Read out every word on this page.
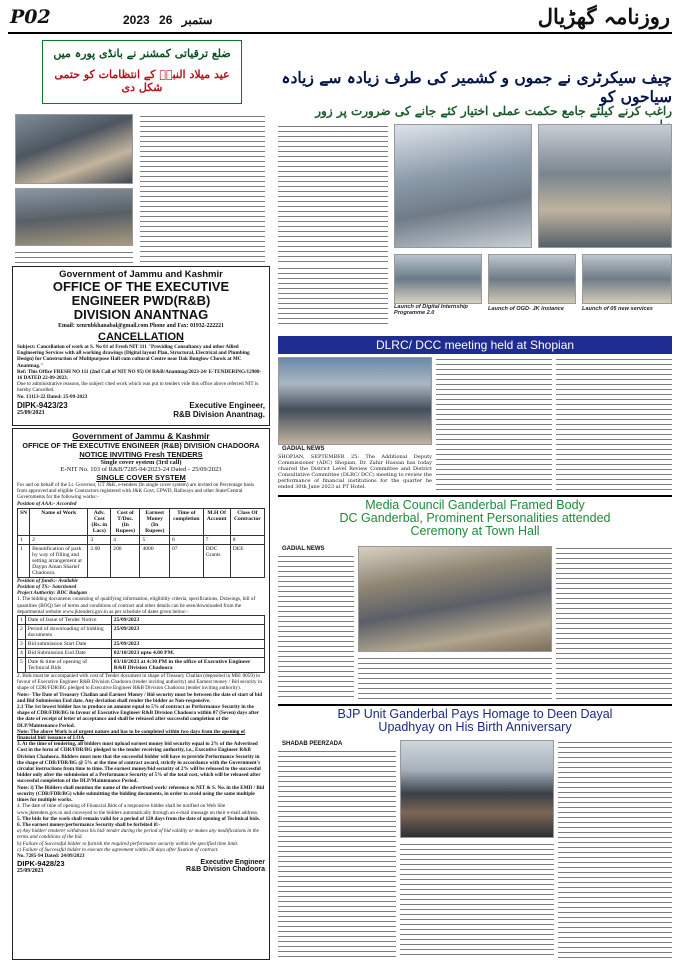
P02	2023	ستمبر 26	روزنامہ گھڑیال
ضلع ترقیاتی کمشنر نے بانڈی پورہ میں
عید میلاد النبیؐ کے انتظامات کو حتمی شکل دی
چیف سیکرٹری نے جموں و کشمیر کی طرف زیادہ سے زیادہ سیاحوں کو
راغب کرنے کیلئے جامع حکمت عملی اختیار کئے جانے کی ضرورت پر زور
Launch of Digital Internship Programme 2.0
Launch of OGD- JK instance	Launch of 05 new services
Government of Jammu and Kashmir
OFFICE OF THE EXECUTIVE
ENGINEER PWD(R&B)
DIVISION ANANTNAG
Email: xenrnbkhanabal@gmail.com Phone and Fax: 01932-222221
CANCELLATION
Subject: Cancellation of work at S. No 01 of Fresh NIT 111 "Providing Consultancy and other Allied Engineering Services with all working drawings (Digital layout Plan, Structural, Electrical and Plumbing Design) for Construction of Multipurpose Hall cum cultural Centre near Dak Bunglow Chowk at MC Anantnag."
Ref: This Office FRESH NO 111 (2nd Call of NIT NO 95) Of R&B/Anantnag/2023-24/ E-TENDERING/12908-16 DATED 22-09-2023.
Due to administrative reasons, the subject cited work which was put to tenders vide this office above referred NIT is hereby Cancelled.
No. 13113-22 Dated: 25-09-2023
DIPK-9423/23
25/09/2023
Executive Engineer,
R&B Division Anantnag.
DLRC/ DCC meeting held at Shopian
GADIAL NEWS
SHOPIAN, SEPTEMBER 25: The Additional Deputy Commissioner (ADC) Shopian, Dr. Zahir Hassan has today chaired the District Level Review Committee and District Consultative Committee (DLRC/ DCC) meeting to review the performance of financial institutions for the quarter he ended 30th June 2023 at PT Hotel.
Government of Jammu & Kashmir
OFFICE OF THE EXECUTIVE ENGINEER (R&B) DIVISION CHADOORA
NOTICE INVITING Fresh TENDERS
Single cover system (3rd call)
E-NIT No. 103 of R&B/7285-94/2023-24 Dated - 25/09/2023
SINGLE COVER SYSTEM
For and on behalf of the Lt. Governor, UT J&K, e-tenders (In single cover system) are invited on Percentage basis from approved and eligible Contractors registered with J&K Govt, CPWD, Railways and other State/Central Governments for the following works:-
Position of AAA:- Accorded
SN	Name of Work	Adv. Cost (Rs. in Lacs)	Cost of T/Doc. (In Rupees)	Earnest Money (In Rupees)	Time of completion	M.H Of Account	Class Of Contractor
1	2	3	4	5	6	7	8
1	Beautification of park by way of filling and setting arrangement at Daypn Aman Sharief Chadoora.	2.00	200	4000	07	DDC Grants	DEE
Position of funds:- Available
Position of TS:- Sanctioned
Project Authority: BDC Budgam
1. The bidding documents consisting of qualifying information, eligibility criteria, specifications, Drawings, bill of quantities (BOQ) Set of terms and conditions of contract and other details can be seen/downloaded from the departmental website www.jktenders.gov.in as per schedule of dates given below:-
1	Date of Issue of Tender Notice	25/09/2023
2	Period of downloading of bidding documents	25/09/2023
3	Bid submission Start Date	25/09/2023
4	Bid Submission End Date	02/10/2023 upto 4.00 PM.
5	Date & time of opening of Technical Bids	03/10/2023 at 4:30 PM in the office of Executive Engineer R&B Division Chadoora
2. Bids must be accompanied with cost of Tender document in shape of Treasury Challan (deposited in MH: 0059) in favour of Executive Engineer R&B Division Chadoora (tender inviting authority) and Earnest money / Bid security in shape of CDR/FDR/BG pledged to Executive Engineer R&B Division Chadoora (tender inviting authority).
Note:- The Date of Treasury Challan and Earnest Money / Bid security must be between the date of start of bid and Bid Submission End date. Any deviation shall render the bidder as Non-responsive.
2.1 The 1st lowest bidder has to produce an amount equal to 5% of contract as Performance Security in the shape of CDR/FDR/BG in favour of Executive Engineer R&B Division Chadoora within 07 (Seven) days after the date of receipt of letter of acceptance and shall be released after successful completion of the DLP/Maintenance Period.
Note: The above Work is of urgent nature and has to be completed within two days from the opening of financial bid/ issuance of LOA
3. At the time of tendering, all bidders must upload earnest money bid security equal to 2% of the Advertised Cost in the form of CDR/FDR/BG pledged to the tender receiving authority, i.e., Executive Engineer R&B Division Chadoora. Bidders must note that the successful bidder will have to provide Performance Security in the shape of CDR/FDR/BG @ 5% at the time of contract award, strictly in accordance with the Government's circular instructions from time to time. The earnest money/bid security of 2% will be released to the successful bidder only after the submission of a Performance Security of 5% of the total cost, which will be released after successful completion of the DLP/Maintenance Period.
Note: i) The Bidders shall mention the name of the advertised work/ reference to NIT & S. No. in the EMD / Bid security (CDR/FDR/BG) while submitting the bidding documents, in order to avoid using the same multiple times for multiple works.
4. The date of time of opening of Financial Bids of a responsive bidder shall be notified on Web Site www.jktenders.gov.in and conveyed to the bidders automatically through an e-mail message on their e-mail address.
5. The bids for the work shall remain valid for a period of 120 days from the date of opening of Technical bids.
6. The earnest money/performance Security shall be forfeited if:-
a) Any bidder/ tenderer withdraws his bid/ tender during the period of bid validity or makes any modifications in the terms and conditions of the bid.
b) Failure of Successful bidder to furnish the required performance security within the specified time limit.
c) Failure of Successful bidder to execute the agreement within 28 days after fixation of contract.
No. 7285-94 Dated: 24/09/2023
DIPK-9428/23
25/09/2023
Executive Engineer
R&B Division Chadoora
Media Council Ganderbal Framed Body
DC Ganderbal, Prominent Personalities attended
Ceremony at Town Hall
GADIAL NEWS
BJP Unit Ganderbal Pays Homage to Deen Dayal
Upadhyay on His Birth Anniversary
SHADAB PEERZADA
